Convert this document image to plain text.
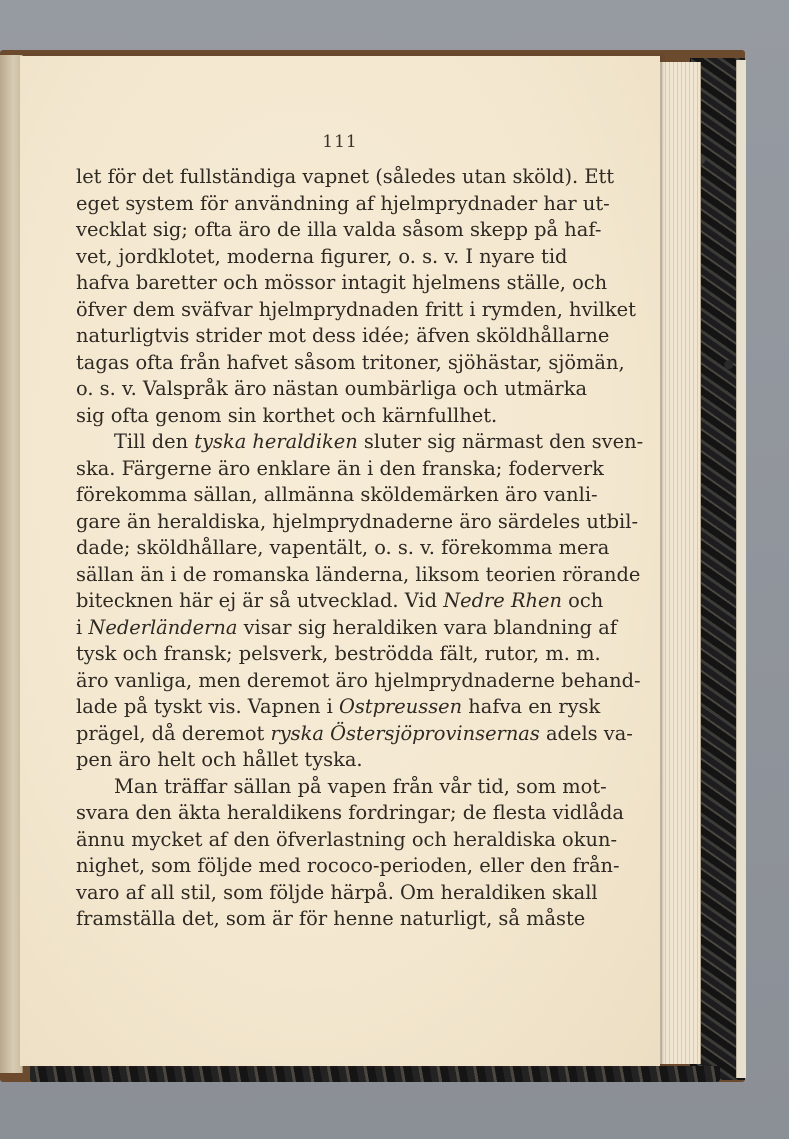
111
let för det fullständiga vapnet (således utan sköld). Ett
eget system för användning af hjelmprydnader har ut-
vecklat sig; ofta äro de illa valda såsom skepp på haf-
vet, jordklotet, moderna figurer, o. s. v. I nyare tid
hafva baretter och mössor intagit hjelmens ställe, och
öfver dem sväfvar hjelmprydnaden fritt i rymden, hvilket
naturligtvis strider mot dess idée; äfven sköldhållarne
tagas ofta från hafvet såsom tritoner, sjöhästar, sjömän,
o. s. v. Valspråk äro nästan oumbärliga och utmärka
sig ofta genom sin korthet och kärnfullhet.
Till den tyska heraldiken sluter sig närmast den sven-
ska. Färgerne äro enklare än i den franska; foderverk
förekomma sällan, allmänna sköldemärken äro vanli-
gare än heraldiska, hjelmprydnaderne äro särdeles utbil-
dade; sköldhållare, vapentält, o. s. v. förekomma mera
sällan än i de romanska länderna, liksom teorien rörande
bitecknen här ej är så utvecklad. Vid Nedre Rhen och
i Nederländerna visar sig heraldiken vara blandning af
tysk och fransk; pelsverk, beströdda fält, rutor, m. m.
äro vanliga, men deremot äro hjelmprydnaderne behand-
lade på tyskt vis. Vapnen i Ostpreussen hafva en rysk
prägel, då deremot ryska Östersjöprovinsernas adels va-
pen äro helt och hållet tyska.
Man träffar sällan på vapen från vår tid, som mot-
svara den äkta heraldikens fordringar; de flesta vidlåda
ännu mycket af den öfverlastning och heraldiska okun-
nighet, som följde med rococo-perioden, eller den från-
varo af all stil, som följde härpå. Om heraldiken skall
framställa det, som är för henne naturligt, så måste
